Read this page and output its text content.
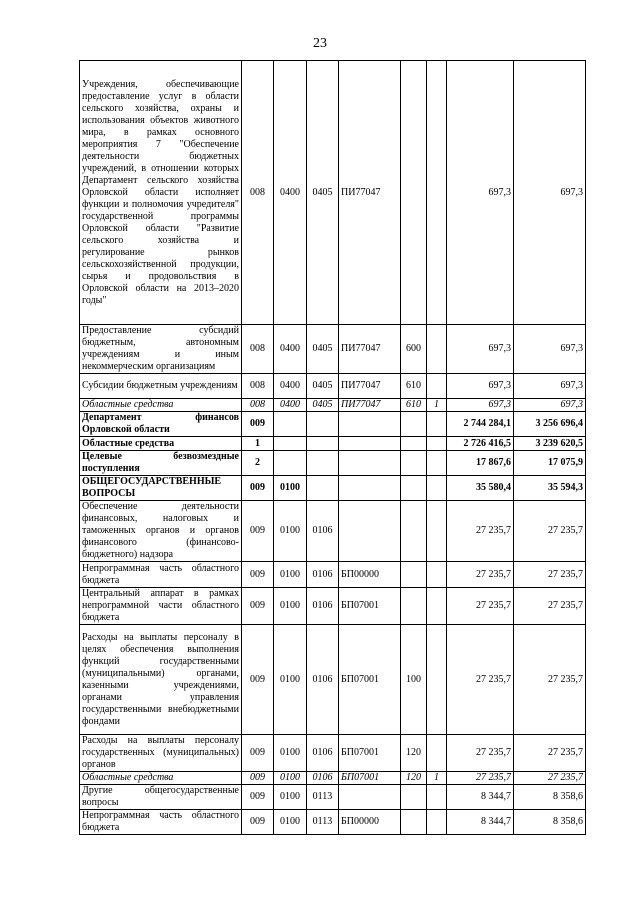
23
Учреждения, обеспечивающие предоставление услуг в области сельского хозяйства, охраны и использования объектов животного мира, в рамках основного мероприятия 7 "Обеспечение деятельности бюджетных учреждений, в отношении которых Департамент сельского хозяйства Орловской области исполняет функции и полномочия учредителя" государственной программы Орловской области "Развитие сельского хозяйства и регулирование рынков сельскохозяйственной продукции, сырья и продовольствия в Орловской области на 2013–2020 годы"	008	0400	0405	ПИ77047			697,3	697,3
Предоставление субсидий бюджетным, автономным учреждениям и иным некоммерческим организациям	008	0400	0405	ПИ77047	600		697,3	697,3
Субсидии бюджетным учреждениям	008	0400	0405	ПИ77047	610		697,3	697,3
Областные средства	008	0400	0405	ПИ77047	610	1	697,3	697,3
Департамент финансов Орловской области	009						2 744 284,1	3 256 696,4
Областные средства	1						2 726 416,5	3 239 620,5
Целевые безвозмездные поступления	2						17 867,6	17 075,9
ОБЩЕГОСУДАРСТВЕННЫЕ ВОПРОСЫ	009	0100					35 580,4	35 594,3
Обеспечение деятельности финансовых, налоговых и таможенных органов и органов финансового (финансово-бюджетного) надзора	009	0100	0106				27 235,7	27 235,7
Непрограммная часть областного бюджета	009	0100	0106	БП00000			27 235,7	27 235,7
Центральный аппарат в рамках непрограммной части областного бюджета	009	0100	0106	БП07001			27 235,7	27 235,7
Расходы на выплаты персоналу в целях обеспечения выполнения функций государственными (муниципальными) органами, казенными учреждениями, органами управления государственными внебюджетными фондами	009	0100	0106	БП07001	100		27 235,7	27 235,7
Расходы на выплаты персоналу государственных (муниципальных) органов	009	0100	0106	БП07001	120		27 235,7	27 235,7
Областные средства	009	0100	0106	БП07001	120	1	27 235,7	27 235,7
Другие общегосударственные вопросы	009	0100	0113				8 344,7	8 358,6
Непрограммная часть областного бюджета	009	0100	0113	БП00000			8 344,7	8 358,6
